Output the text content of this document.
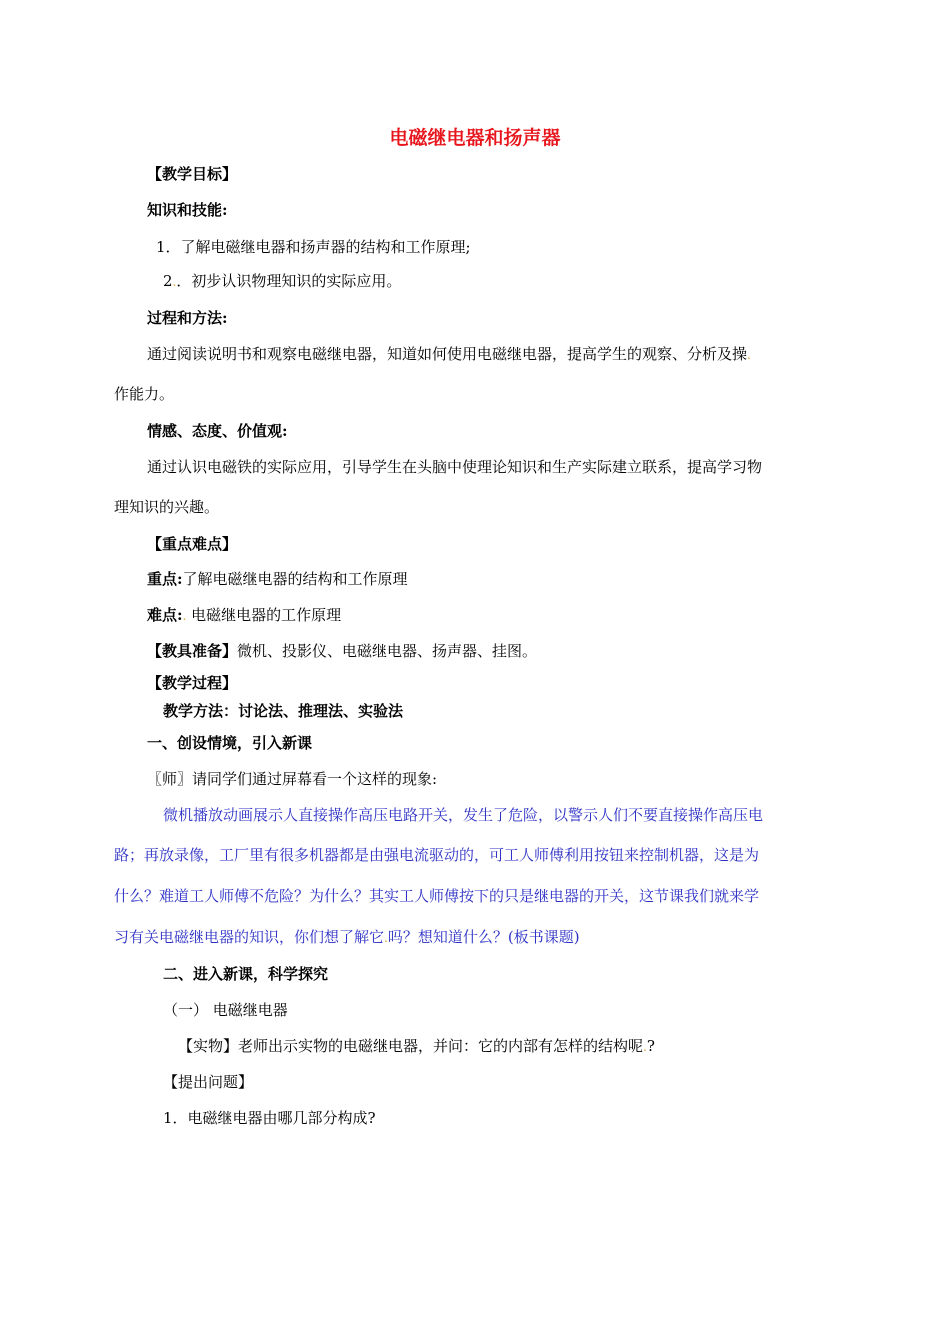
电磁继电器和扬声器
【教学目标】
知识和技能:
1．了解电磁继电器和扬声器的结构和工作原理;
2.．初步认识物理知识的实际应用。
过程和方法:
通过阅读说明书和观察电磁继电器，知道如何使用电磁继电器，提高学生的观察、分析及操.
作能力。
情感、态度、价值观:
通过认识电磁铁的实际应用，引导学生在头脑中使理论知识和生产实际建立联系，提高学习物
理知识的兴趣。
【重点难点】
重点:了解电磁继电器的结构和工作原理
难点:. 电磁继电器的工作原理
【教具准备】微机、投影仪、电磁继电器、扬声器、挂图。
【教学过程】
教学方法：讨论法、推理法、实验法
一、创设情境，引入新课
〖师〗请同学们通过屏幕看一个这样的现象:
微机播放动画展示人直接操作高压电路开关，发生了危险，以警示人们不要直接操作高压电
路；再放录像，工厂里有很多机器都是由强电流驱动的，可工人师傅利用按钮来控制机器，这是为
什么？难道工人师傅不危险？为什么？其实工人师傅按下的只是继电器的开关，这节课我们就来学
习有关电磁继电器的知识，你们想了解它.吗？想知道什么？(板书课题)
二、进入新课，科学探究
（一） 电磁继电器
【实物】老师出示实物的电磁继电器，并问：它的内部有怎样的结构呢.?
【提出问题】
1．电磁继电器由哪几部分构成?
